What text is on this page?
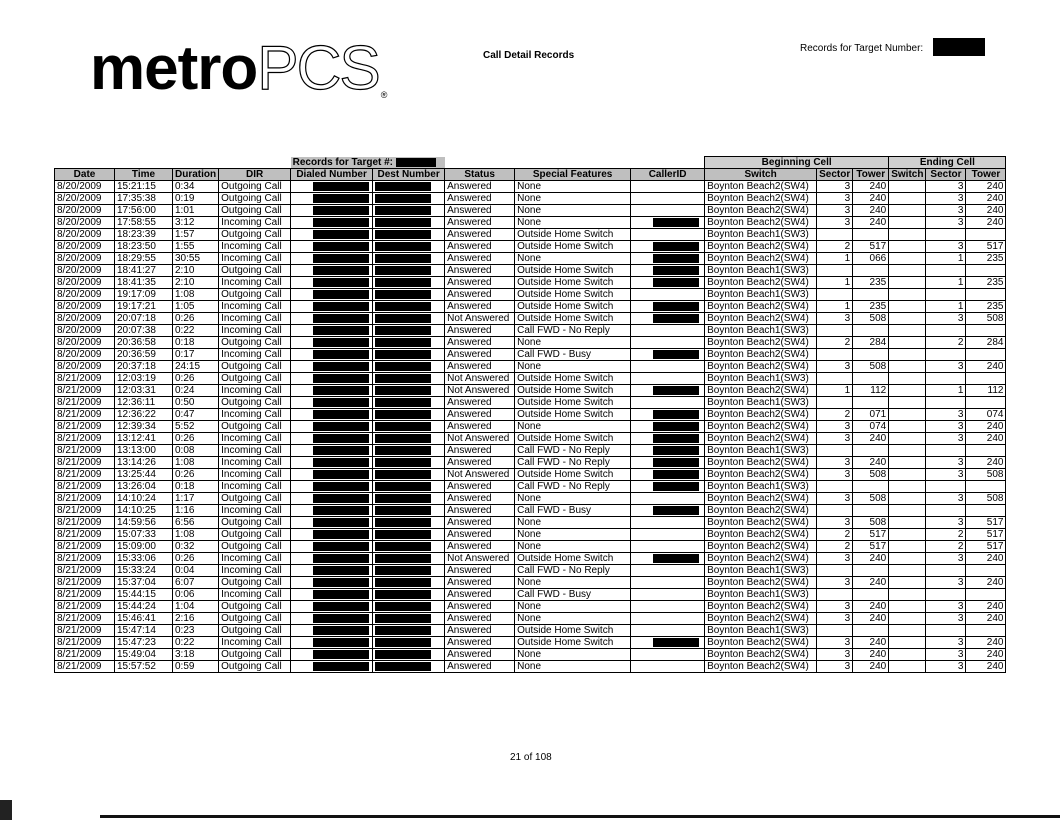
metroPCS ®
Call Detail Records
Records for Target Number:
				Records for Target #:					Beginning Cell			Ending Cell		
Date	Time	Duration	DIR	Dialed Number	Dest Number	Status	Special Features	CallerID	Switch	Sector	Tower	Switch	Sector	Tower
8/20/2009	15:21:15	0:34	Outgoing Call			Answered	None		Boynton Beach2(SW4)	3	240		3	240
8/20/2009	17:35:38	0:19	Outgoing Call			Answered	None		Boynton Beach2(SW4)	3	240		3	240
8/20/2009	17:56:00	1:01	Outgoing Call			Answered	None		Boynton Beach2(SW4)	3	240		3	240
8/20/2009	17:58:55	3:12	Incoming Call			Answered	None		Boynton Beach2(SW4)	3	240		3	240
8/20/2009	18:23:39	1:57	Outgoing Call			Answered	Outside Home Switch		Boynton Beach1(SW3)					
8/20/2009	18:23:50	1:55	Incoming Call			Answered	Outside Home Switch		Boynton Beach2(SW4)	2	517		3	517
8/20/2009	18:29:55	30:55	Incoming Call			Answered	None		Boynton Beach2(SW4)	1	066		1	235
8/20/2009	18:41:27	2:10	Outgoing Call			Answered	Outside Home Switch		Boynton Beach1(SW3)					
8/20/2009	18:41:35	2:10	Incoming Call			Answered	Outside Home Switch		Boynton Beach2(SW4)	1	235		1	235
8/20/2009	19:17:09	1:08	Outgoing Call			Answered	Outside Home Switch		Boynton Beach1(SW3)					
8/20/2009	19:17:21	1:05	Incoming Call			Answered	Outside Home Switch		Boynton Beach2(SW4)	1	235		1	235
8/20/2009	20:07:18	0:26	Incoming Call			Not Answered	Outside Home Switch		Boynton Beach2(SW4)	3	508		3	508
8/20/2009	20:07:38	0:22	Incoming Call			Answered	Call FWD - No Reply		Boynton Beach1(SW3)					
8/20/2009	20:36:58	0:18	Outgoing Call			Answered	None		Boynton Beach2(SW4)	2	284		2	284
8/20/2009	20:36:59	0:17	Incoming Call			Answered	Call FWD - Busy		Boynton Beach2(SW4)					
8/20/2009	20:37:18	24:15	Outgoing Call			Answered	None		Boynton Beach2(SW4)	3	508		3	240
8/21/2009	12:03:19	0:26	Outgoing Call			Not Answered	Outside Home Switch		Boynton Beach1(SW3)					
8/21/2009	12:03:31	0:24	Incoming Call			Not Answered	Outside Home Switch		Boynton Beach2(SW4)	1	112		1	112
8/21/2009	12:36:11	0:50	Outgoing Call			Answered	Outside Home Switch		Boynton Beach1(SW3)					
8/21/2009	12:36:22	0:47	Incoming Call			Answered	Outside Home Switch		Boynton Beach2(SW4)	2	071		3	074
8/21/2009	12:39:34	5:52	Outgoing Call			Answered	None		Boynton Beach2(SW4)	3	074		3	240
8/21/2009	13:12:41	0:26	Incoming Call			Not Answered	Outside Home Switch		Boynton Beach2(SW4)	3	240		3	240
8/21/2009	13:13:00	0:08	Incoming Call			Answered	Call FWD - No Reply		Boynton Beach1(SW3)					
8/21/2009	13:14:26	1:08	Incoming Call			Answered	Call FWD - No Reply		Boynton Beach2(SW4)	3	240		3	240
8/21/2009	13:25:44	0:26	Incoming Call			Not Answered	Outside Home Switch		Boynton Beach2(SW4)	3	508		3	508
8/21/2009	13:26:04	0:18	Incoming Call			Answered	Call FWD - No Reply		Boynton Beach1(SW3)					
8/21/2009	14:10:24	1:17	Outgoing Call			Answered	None		Boynton Beach2(SW4)	3	508		3	508
8/21/2009	14:10:25	1:16	Incoming Call			Answered	Call FWD - Busy		Boynton Beach2(SW4)					
8/21/2009	14:59:56	6:56	Outgoing Call			Answered	None		Boynton Beach2(SW4)	3	508		3	517
8/21/2009	15:07:33	1:08	Outgoing Call			Answered	None		Boynton Beach2(SW4)	2	517		2	517
8/21/2009	15:09:00	0:32	Outgoing Call			Answered	None		Boynton Beach2(SW4)	2	517		2	517
8/21/2009	15:33:06	0:26	Incoming Call			Not Answered	Outside Home Switch		Boynton Beach2(SW4)	3	240		3	240
8/21/2009	15:33:24	0:04	Incoming Call			Answered	Call FWD - No Reply		Boynton Beach1(SW3)					
8/21/2009	15:37:04	6:07	Outgoing Call			Answered	None		Boynton Beach2(SW4)	3	240		3	240
8/21/2009	15:44:15	0:06	Incoming Call			Answered	Call FWD - Busy		Boynton Beach1(SW3)					
8/21/2009	15:44:24	1:04	Outgoing Call			Answered	None		Boynton Beach2(SW4)	3	240		3	240
8/21/2009	15:46:41	2:16	Outgoing Call			Answered	None		Boynton Beach2(SW4)	3	240		3	240
8/21/2009	15:47:14	0:23	Outgoing Call			Answered	Outside Home Switch		Boynton Beach1(SW3)					
8/21/2009	15:47:23	0:22	Incoming Call			Answered	Outside Home Switch		Boynton Beach2(SW4)	3	240		3	240
8/21/2009	15:49:04	3:18	Outgoing Call			Answered	None		Boynton Beach2(SW4)	3	240		3	240
8/21/2009	15:57:52	0:59	Outgoing Call			Answered	None		Boynton Beach2(SW4)	3	240		3	240
21 of 108
